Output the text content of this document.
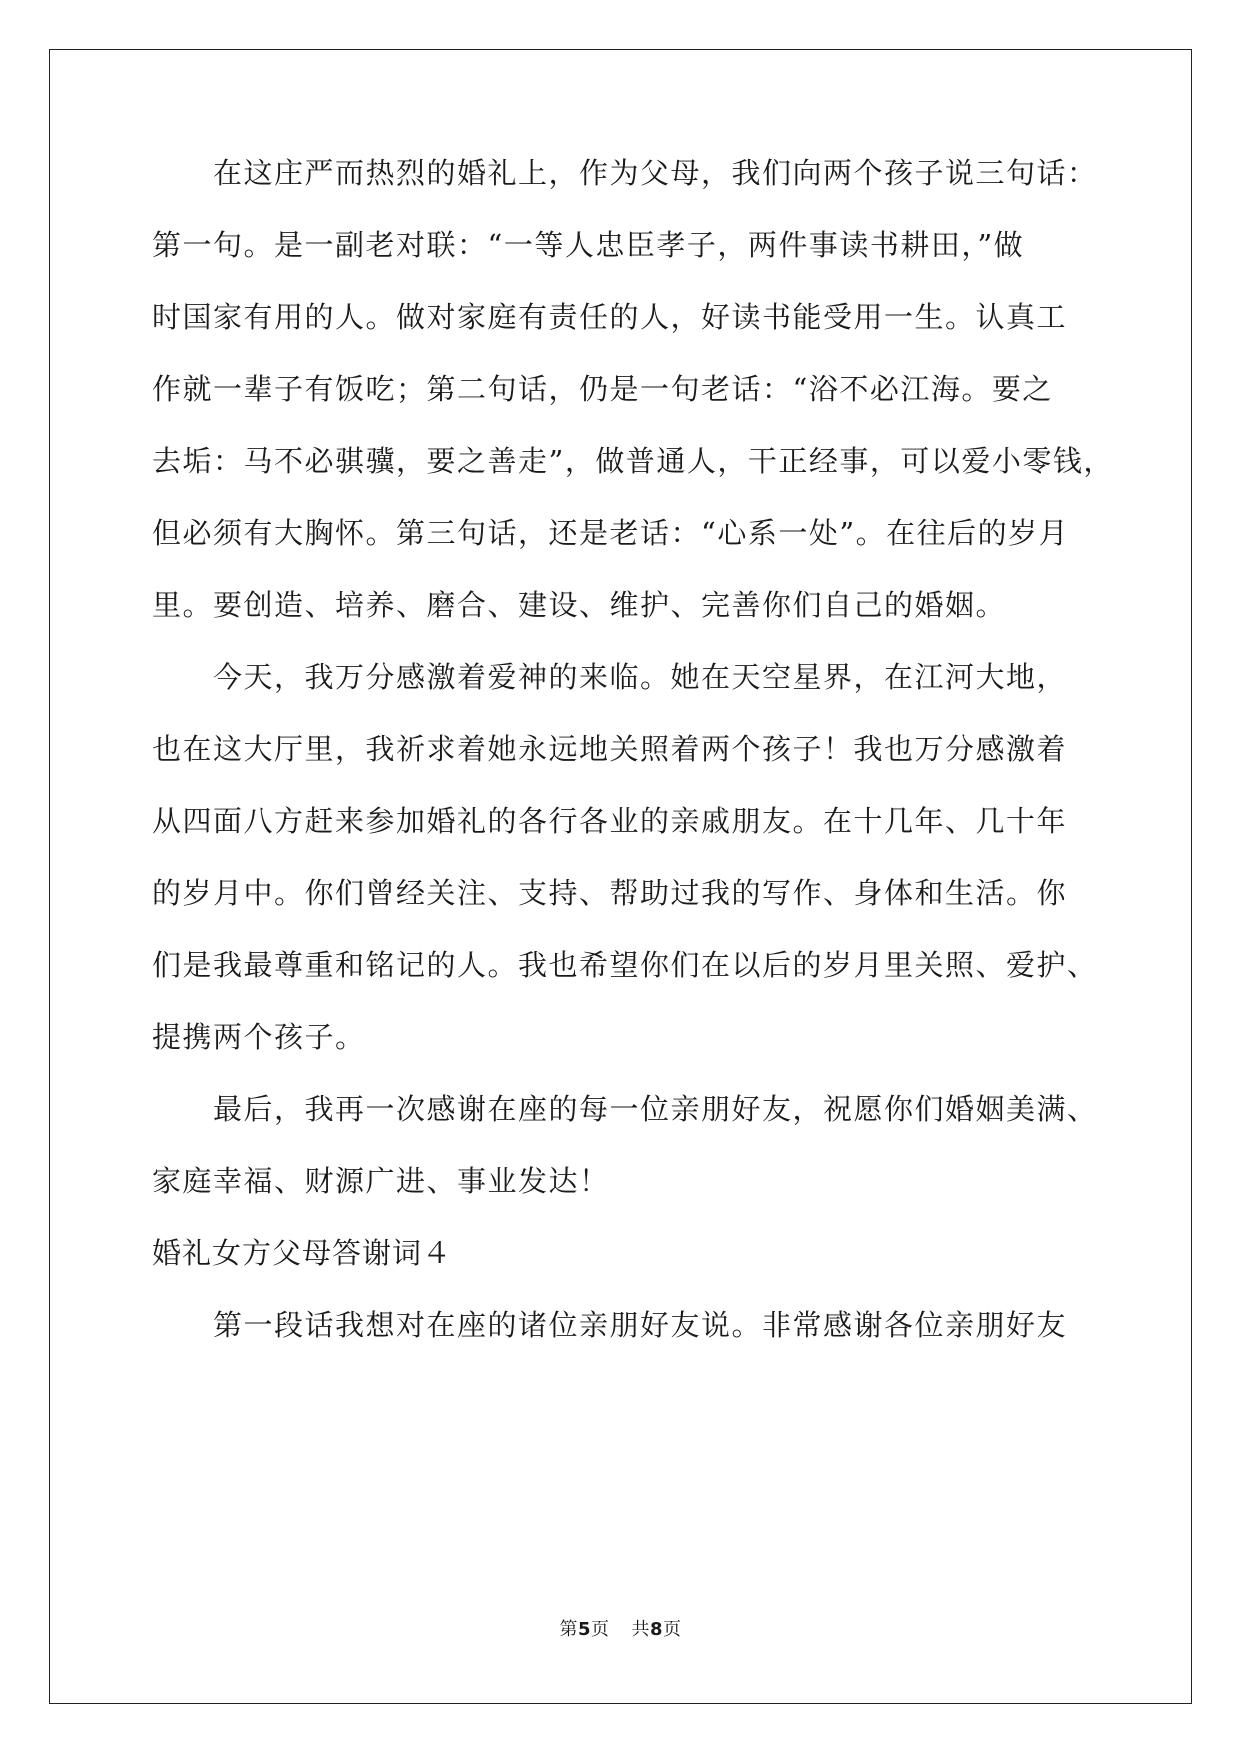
　　在这庄严而热烈的婚礼上，作为父母，我们向两个孩子说三句话：
第一句。是一副老对联：“一等人忠臣孝子，两件事读书耕田，”做
时国家有用的人。做对家庭有责任的人，好读书能受用一生。认真工
作就一辈子有饭吃；第二句话，仍是一句老话：“浴不必江海。要之
去垢：马不必骐骥，要之善走”，做普通人，干正经事，可以爱小零钱，
但必须有大胸怀。第三句话，还是老话：“心系一处”。在往后的岁月
里。要创造、培养、磨合、建设、维护、完善你们自己的婚姻。
　　今天，我万分感激着爱神的来临。她在天空星界，在江河大地，
也在这大厅里，我祈求着她永远地关照着两个孩子！我也万分感激着
从四面八方赶来参加婚礼的各行各业的亲戚朋友。在十几年、几十年
的岁月中。你们曾经关注、支持、帮助过我的写作、身体和生活。你
们是我最尊重和铭记的人。我也希望你们在以后的岁月里关照、爱护、
提携两个孩子。
　　最后，我再一次感谢在座的每一位亲朋好友，祝愿你们婚姻美满、
家庭幸福、财源广进、事业发达！
婚礼女方父母答谢词４
　　第一段话我想对在座的诸位亲朋好友说。非常感谢各位亲朋好友
第5页 共8页
